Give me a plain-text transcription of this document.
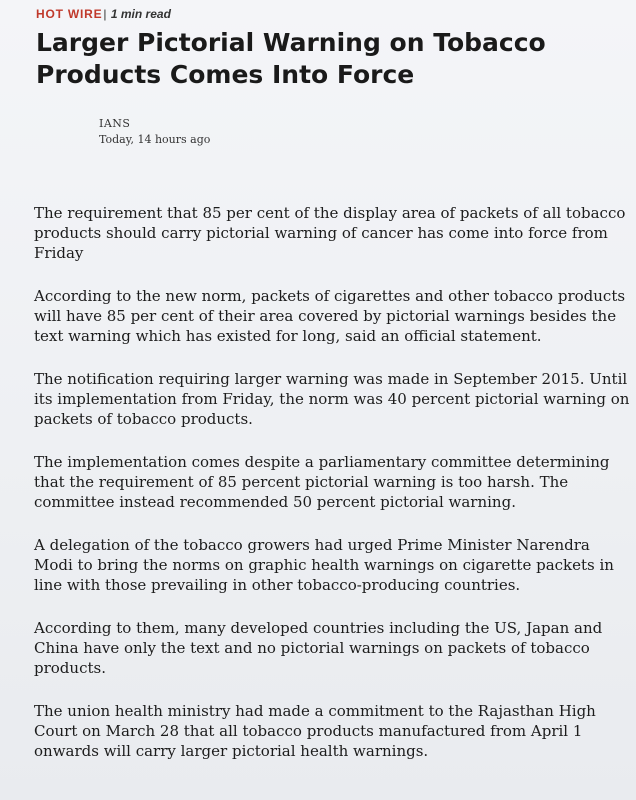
HOT WIRE| 1 min read
Larger Pictorial Warning on Tobacco Products Comes Into Force
IANS
Today, 14 hours ago

The requirement that 85 per cent of the display area of packets of all tobacco products should carry pictorial warning of cancer has come into force from Friday

According to the new norm, packets of cigarettes and other tobacco products will have 85 per cent of their area covered by pictorial warnings besides the text warning which has existed for long, said an official statement.

The notification requiring larger warning was made in September 2015. Until its implementation from Friday, the norm was 40 percent pictorial warning on packets of tobacco products.

The implementation comes despite a parliamentary committee determining that the requirement of 85 percent pictorial warning is too harsh. The committee instead recommended 50 percent pictorial warning.

A delegation of the tobacco growers had urged Prime Minister Narendra Modi to bring the norms on graphic health warnings on cigarette packets in line with those prevailing in other tobacco-producing countries.

According to them, many developed countries including the US, Japan and China have only the text and no pictorial warnings on packets of tobacco products.

The union health ministry had made a commitment to the Rajasthan High Court on March 28 that all tobacco products manufactured from April 1 onwards will carry larger pictorial health warnings.
